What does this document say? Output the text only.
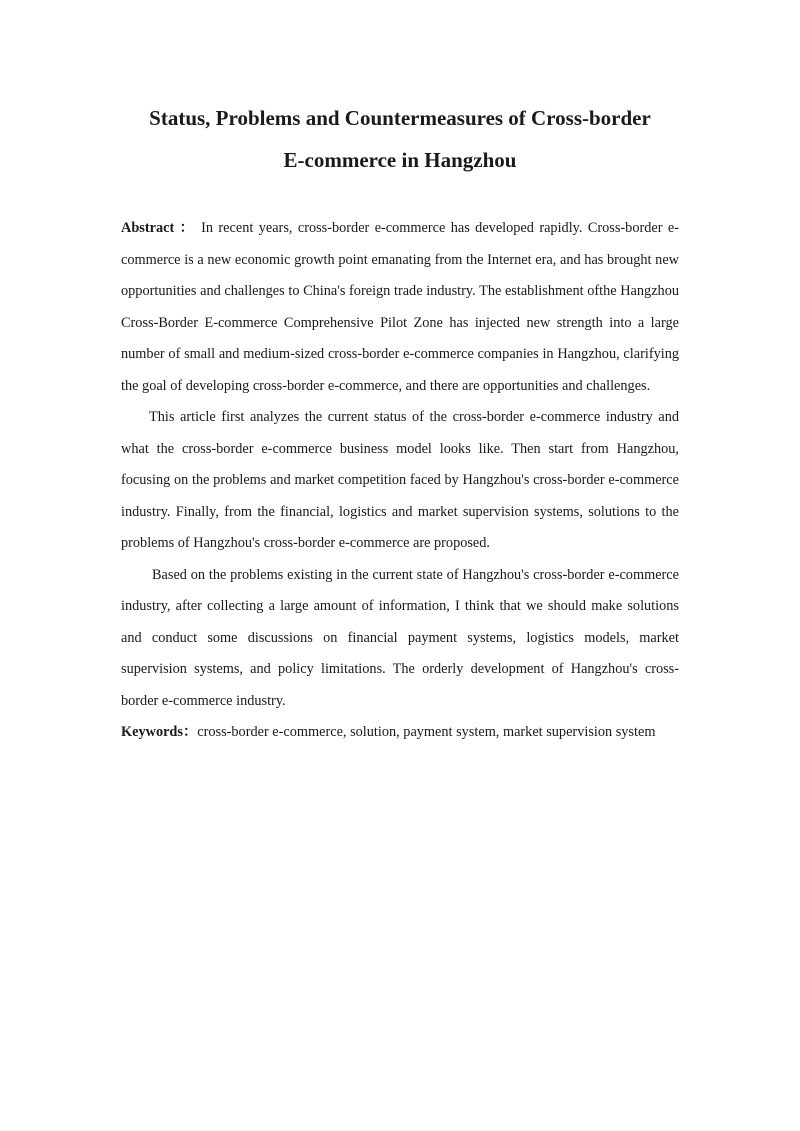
Status, Problems and Countermeasures of Cross-border
E-commerce in Hangzhou

Abstract ： In recent years, cross-border e-commerce has developed rapidly. Cross-border e-commerce is a new economic growth point emanating from the Internet era, and has brought new opportunities and challenges to China's foreign trade industry. The establishment ofthe Hangzhou Cross-Border E-commerce Comprehensive Pilot Zone has injected new strength into a large number of small and medium-sized cross-border e-commerce companies in Hangzhou, clarifying the goal of developing cross-border e-commerce, and there are opportunities and challenges.

This article first analyzes the current status of the cross-border e-commerce industry and what the cross-border e-commerce business model looks like. Then start from Hangzhou, focusing on the problems and market competition faced by Hangzhou's cross-border e-commerce industry. Finally, from the financial, logistics and market supervision systems, solutions to the problems of Hangzhou's cross-border e-commerce are proposed.

Based on the problems existing in the current state of Hangzhou's cross-border e-commerce industry, after collecting a large amount of information, I think that we should make solutions and conduct some discussions on financial payment systems, logistics models, market supervision systems, and policy limitations. The orderly development of Hangzhou's cross-border e-commerce industry.

Keywords：cross-border e-commerce, solution, payment system, market supervision system
